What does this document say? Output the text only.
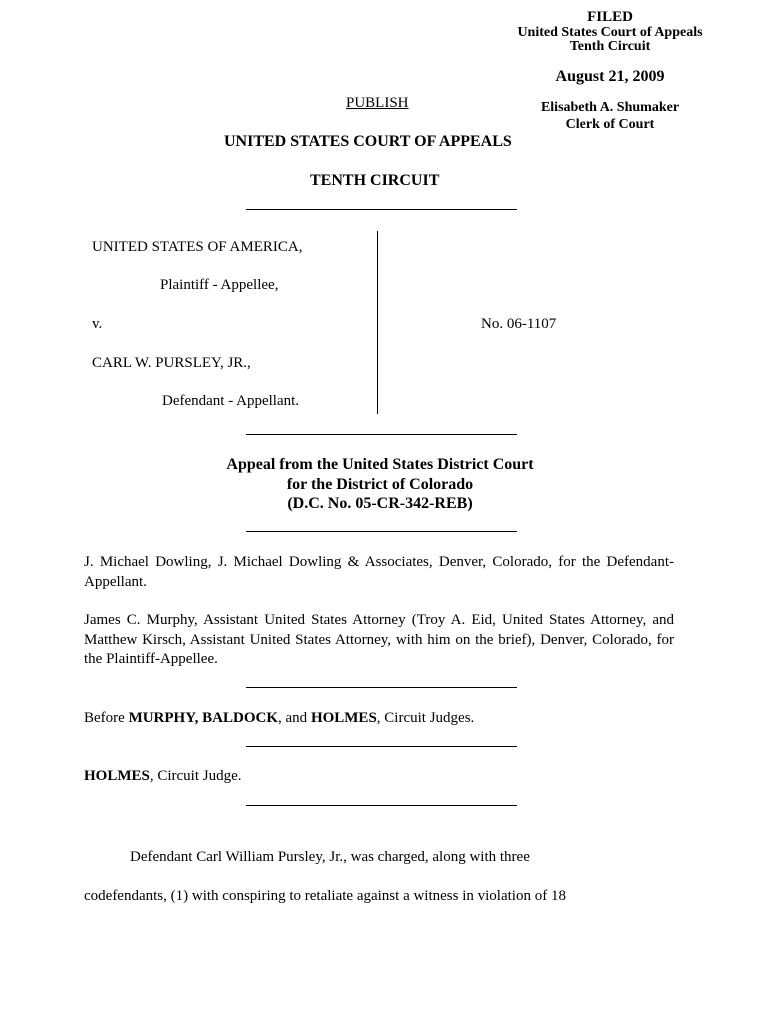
FILED
United States Court of Appeals
Tenth Circuit
August 21, 2009
Elisabeth A. Shumaker
Clerk of Court
PUBLISH
UNITED STATES COURT OF APPEALS
TENTH CIRCUIT
UNITED STATES OF AMERICA,
Plaintiff - Appellee,
v.
CARL W. PURSLEY, JR.,
Defendant - Appellant.
No. 06-1107
Appeal from the United States District Court
for the District of Colorado
(D.C. No. 05-CR-342-REB)
J. Michael Dowling, J. Michael Dowling & Associates, Denver, Colorado, for the Defendant-Appellant.
James C. Murphy, Assistant United States Attorney (Troy A. Eid, United States Attorney, and Matthew Kirsch, Assistant United States Attorney, with him on the brief), Denver, Colorado, for the Plaintiff-Appellee.
Before MURPHY, BALDOCK, and HOLMES, Circuit Judges.
HOLMES, Circuit Judge.
Defendant Carl William Pursley, Jr., was charged, along with three
codefendants, (1) with conspiring to retaliate against a witness in violation of 18
